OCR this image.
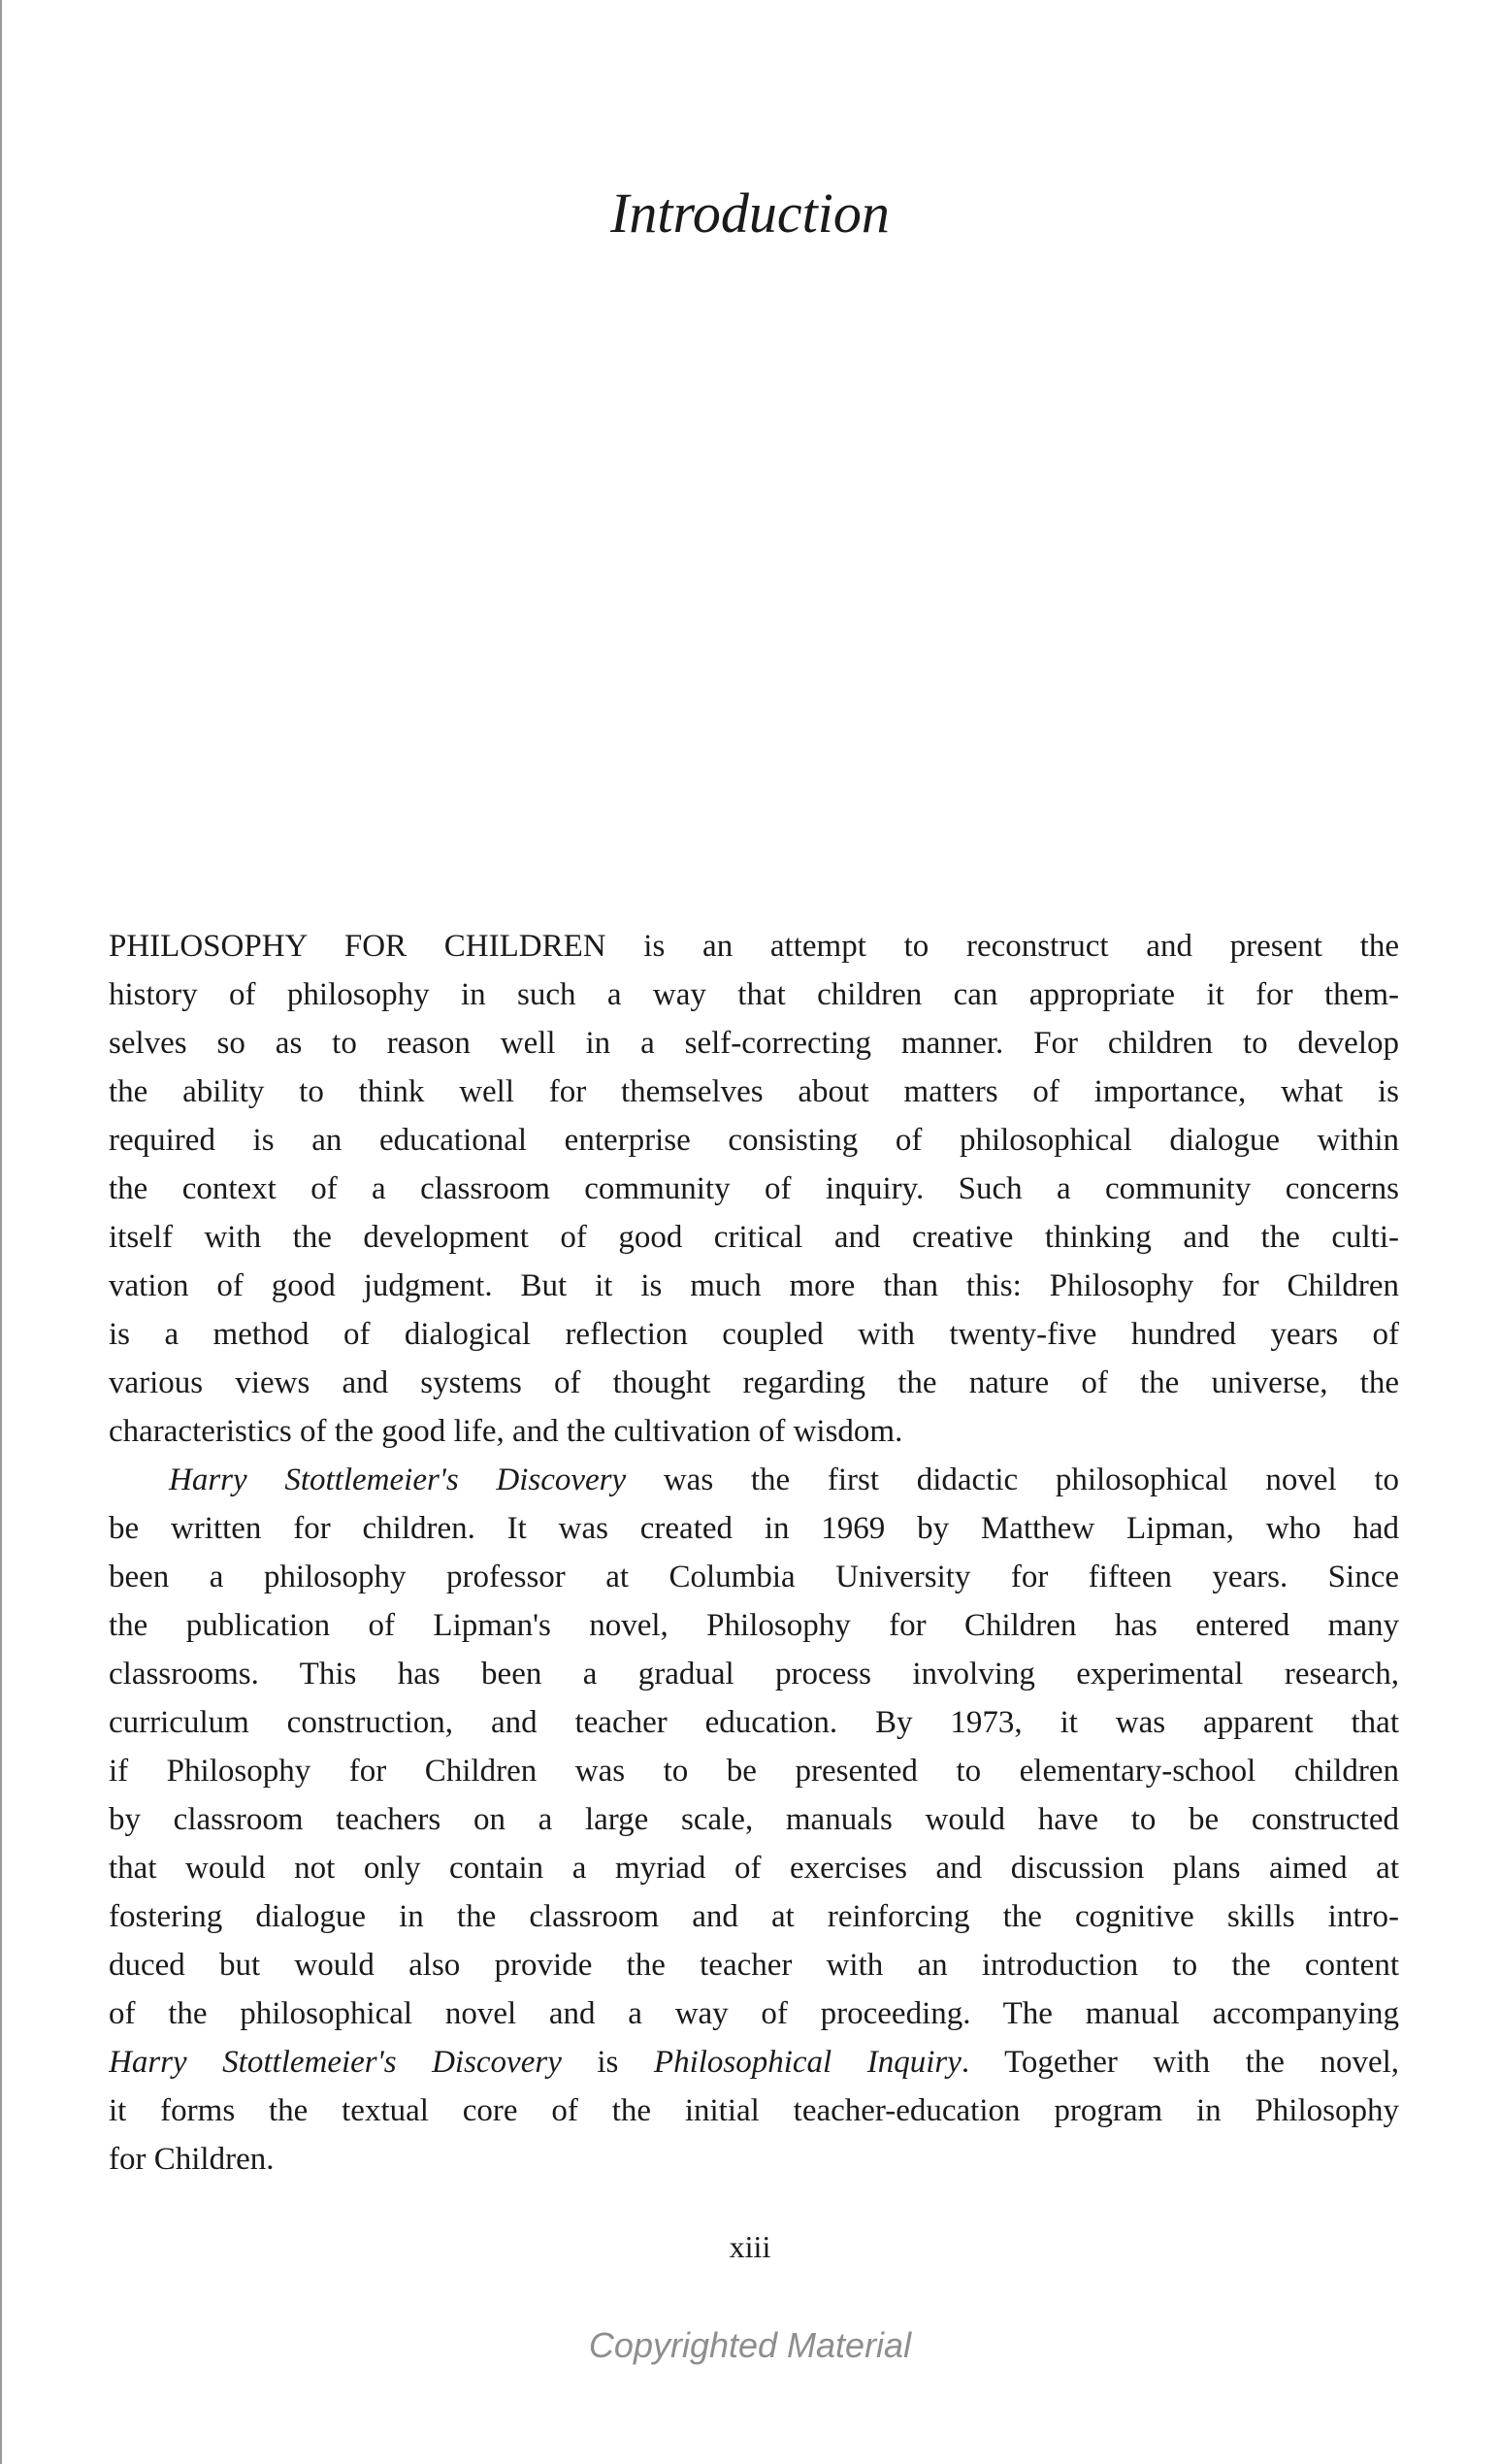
Introduction
PHILOSOPHY FOR CHILDREN is an attempt to reconstruct and present the
history of philosophy in such a way that children can appropriate it for them-
selves so as to reason well in a self-correcting manner. For children to develop
the ability to think well for themselves about matters of importance, what is
required is an educational enterprise consisting of philosophical dialogue within
the context of a classroom community of inquiry. Such a community concerns
itself with the development of good critical and creative thinking and the culti-
vation of good judgment. But it is much more than this: Philosophy for Children
is a method of dialogical reflection coupled with twenty-five hundred years of
various views and systems of thought regarding the nature of the universe, the
characteristics of the good life, and the cultivation of wisdom.
Harry Stottlemeier's Discovery was the first didactic philosophical novel to
be written for children. It was created in 1969 by Matthew Lipman, who had
been a philosophy professor at Columbia University for fifteen years. Since
the publication of Lipman's novel, Philosophy for Children has entered many
classrooms. This has been a gradual process involving experimental research,
curriculum construction, and teacher education. By 1973, it was apparent that
if Philosophy for Children was to be presented to elementary-school children
by classroom teachers on a large scale, manuals would have to be constructed
that would not only contain a myriad of exercises and discussion plans aimed at
fostering dialogue in the classroom and at reinforcing the cognitive skills intro-
duced but would also provide the teacher with an introduction to the content
of the philosophical novel and a way of proceeding. The manual accompanying
Harry Stottlemeier's Discovery is Philosophical Inquiry. Together with the novel,
it forms the textual core of the initial teacher-education program in Philosophy
for Children.
xiii
Copyrighted Material
